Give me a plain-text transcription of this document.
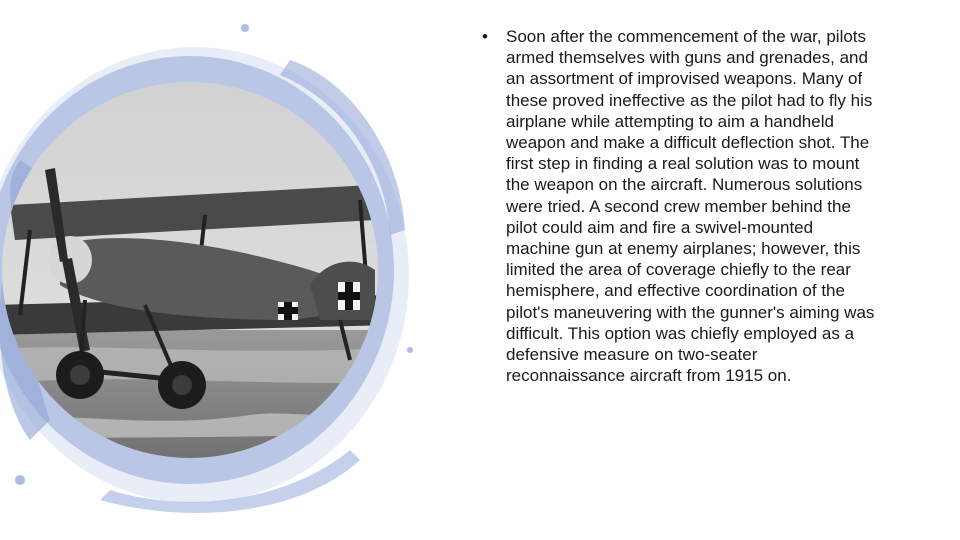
•	Soon after the commencement of the war, pilots armed themselves with guns and grenades, and an assortment of improvised weapons. Many of these proved ineffective as the pilot had to fly his airplane while attempting to aim a handheld weapon and make a difficult deflection shot. The first step in finding a real solution was to mount the weapon on the aircraft. Numerous solutions were tried. A second crew member behind the pilot could aim and fire a swivel-mounted machine gun at enemy airplanes; however, this limited the area of coverage chiefly to the rear hemisphere, and effective coordination of the pilot's maneuvering with the gunner's aiming was difficult. This option was chiefly employed as a defensive measure on two-seater reconnaissance aircraft from 1915 on.
